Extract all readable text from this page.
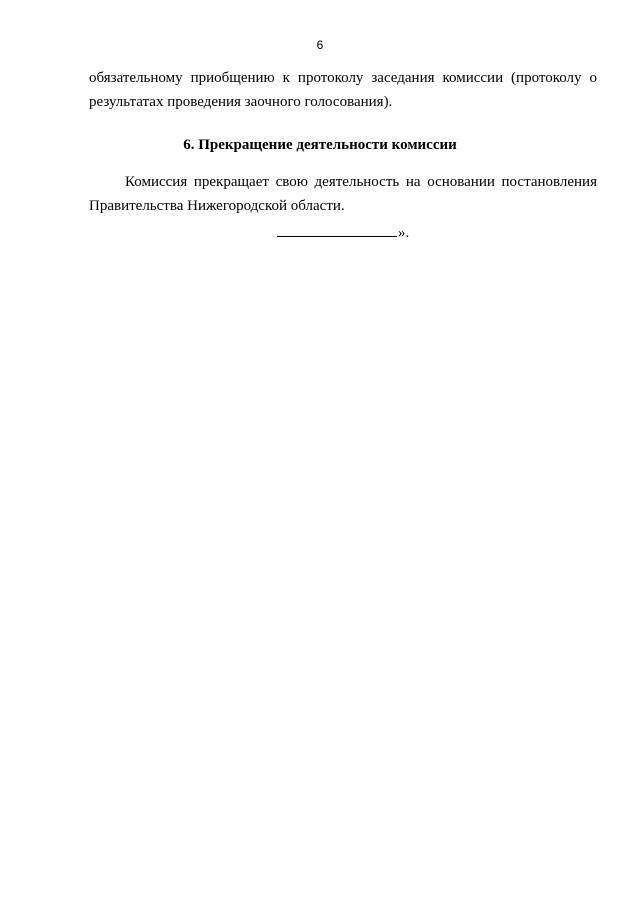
6
обязательному приобщению к протоколу заседания комиссии (протоколу о
результатах проведения заочного голосования).
6. Прекращение деятельности комиссии
Комиссия прекращает свою деятельность на основании постановления
Правительства Нижегородской области.
».
